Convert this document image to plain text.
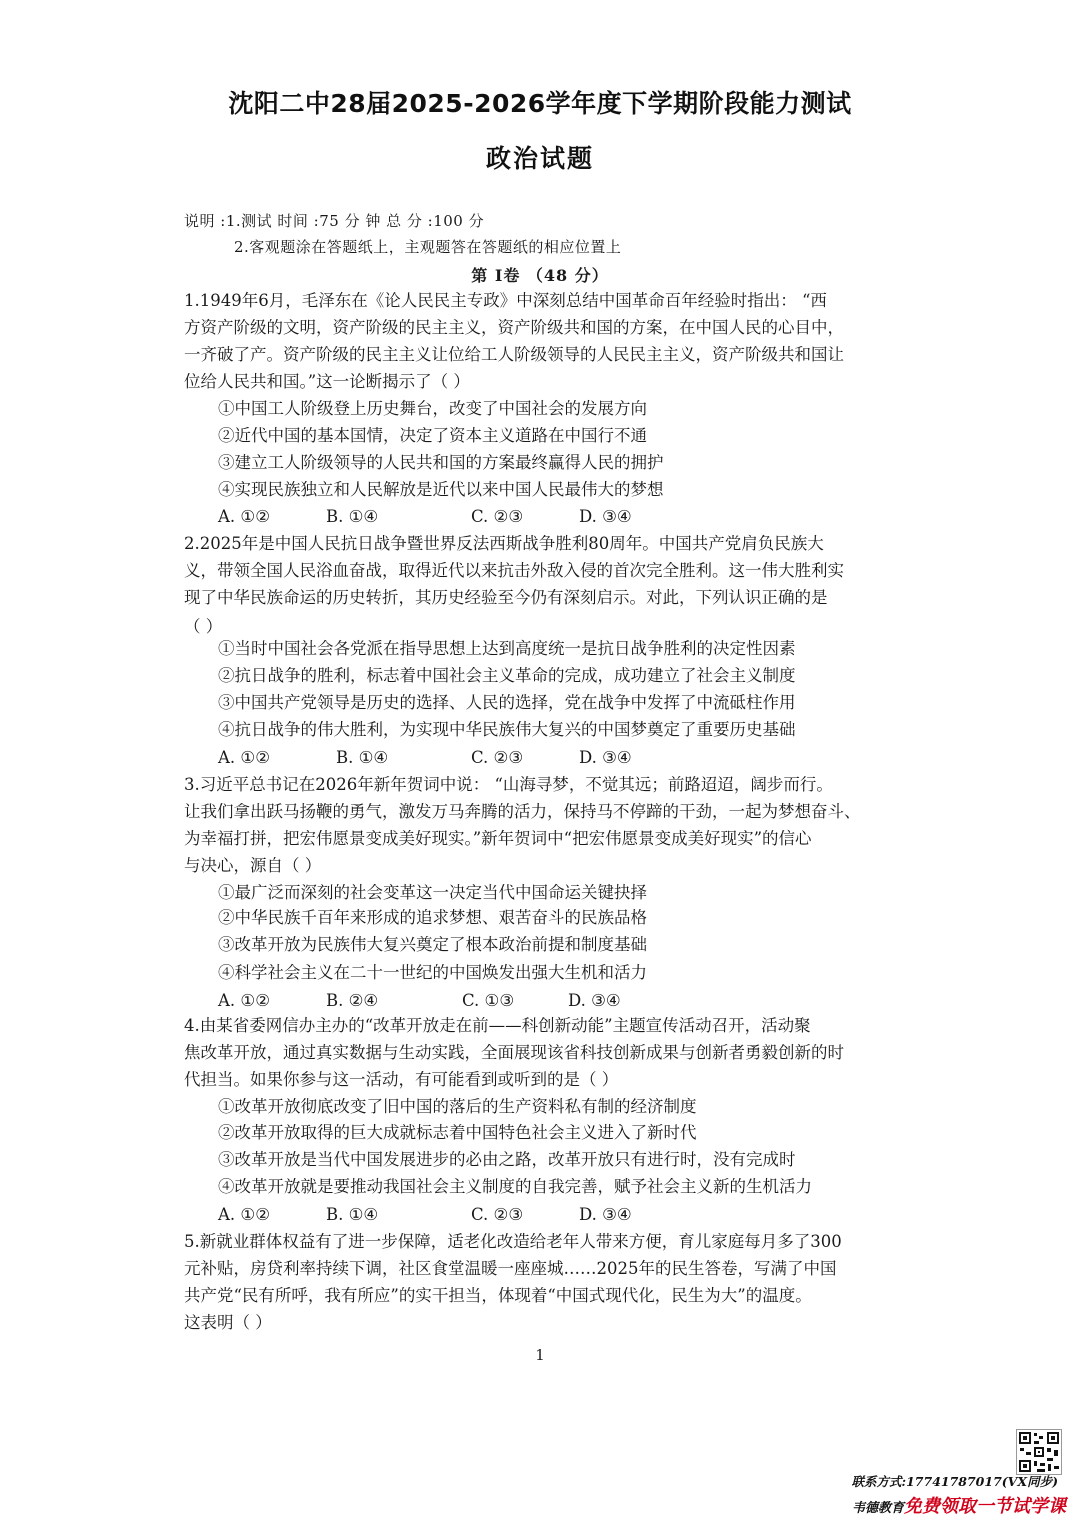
沈阳二中28届2025-2026学年度下学期阶段能力测试
政治试题
说明 :1.测试 时间 :75 分 钟 总 分 :100 分
2.客观题涂在答题纸上，主观题答在答题纸的相应位置上
第 Ⅰ卷 （48 分）
1.1949年6月，毛泽东在《论人民民主专政》中深刻总结中国革命百年经验时指出： “西
方资产阶级的文明，资产阶级的民主主义，资产阶级共和国的方案，在中国人民的心目中，
一齐破了产。资产阶级的民主主义让位给工人阶级领导的人民民主主义，资产阶级共和国让
位给人民共和国。”这一论断揭示了（ ）
①中国工人阶级登上历史舞台，改变了中国社会的发展方向
②近代中国的基本国情，决定了资本主义道路在中国行不通
③建立工人阶级领导的人民共和国的方案最终赢得人民的拥护
④实现民族独立和人民解放是近代以来中国人民最伟大的梦想
A. ①②	B. ①④	C. ②③	D. ③④
2.2025年是中国人民抗日战争暨世界反法西斯战争胜利80周年。中国共产党肩负民族大
义，带领全国人民浴血奋战，取得近代以来抗击外敌入侵的首次完全胜利。这一伟大胜利实
现了中华民族命运的历史转折，其历史经验至今仍有深刻启示。对此，下列认识正确的是
（ ）
①当时中国社会各党派在指导思想上达到高度统一是抗日战争胜利的决定性因素
②抗日战争的胜利，标志着中国社会主义革命的完成，成功建立了社会主义制度
③中国共产党领导是历史的选择、人民的选择，党在战争中发挥了中流砥柱作用
④抗日战争的伟大胜利，为实现中华民族伟大复兴的中国梦奠定了重要历史基础
A. ①②	B. ①④	C. ②③	D. ③④
3.习近平总书记在2026年新年贺词中说： “山海寻梦，不觉其远；前路迢迢，阔步而行。
让我们拿出跃马扬鞭的勇气，激发万马奔腾的活力，保持马不停蹄的干劲，一起为梦想奋斗、
为幸福打拼，把宏伟愿景变成美好现实。”新年贺词中“把宏伟愿景变成美好现实”的信心
与决心，源自（ ）
①最广泛而深刻的社会变革这一决定当代中国命运关键抉择
②中华民族千百年来形成的追求梦想、艰苦奋斗的民族品格
③改革开放为民族伟大复兴奠定了根本政治前提和制度基础
④科学社会主义在二十一世纪的中国焕发出强大生机和活力
A. ①②	B. ②④	C. ①③	D. ③④
4.由某省委网信办主办的“改革开放走在前——科创新动能”主题宣传活动召开，活动聚
焦改革开放，通过真实数据与生动实践，全面展现该省科技创新成果与创新者勇毅创新的时
代担当。如果你参与这一活动，有可能看到或听到的是（ ）
①改革开放彻底改变了旧中国的落后的生产资料私有制的经济制度
②改革开放取得的巨大成就标志着中国特色社会主义进入了新时代
③改革开放是当代中国发展进步的必由之路，改革开放只有进行时，没有完成时
④改革开放就是要推动我国社会主义制度的自我完善，赋予社会主义新的生机活力
A. ①②	B. ①④	C. ②③	D. ③④
5.新就业群体权益有了进一步保障，适老化改造给老年人带来方便，育儿家庭每月多了300
元补贴，房贷利率持续下调，社区食堂温暖一座座城……2025年的民生答卷，写满了中国
共产党“民有所呼，我有所应”的实干担当，体现着“中国式现代化，民生为大”的温度。
这表明（ ）
1
联系方式:17741787017(VX同步)
韦德教育免费领取一节试学课
